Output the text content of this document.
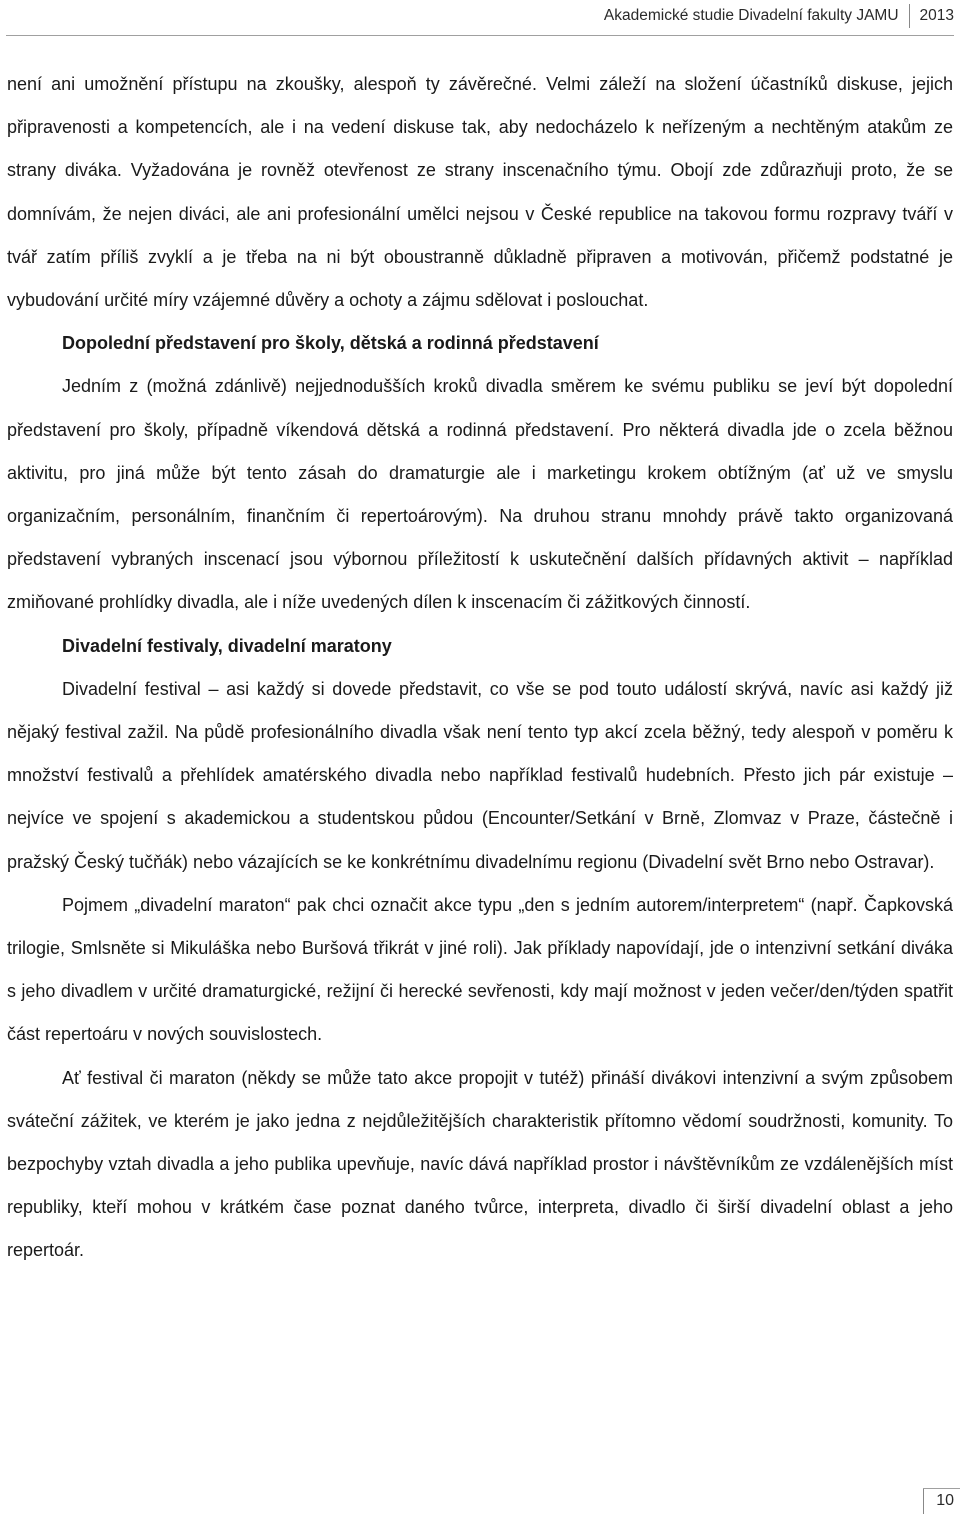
Akademické studie Divadelní fakulty JAMU 2013

není ani umožnění přístupu na zkoušky, alespoň ty závěrečné. Velmi záleží na složení účastníků diskuse, jejich připravenosti a kompetencích, ale i na vedení diskuse tak, aby nedocházelo k neřízeným a nechtěným atakům ze strany diváka. Vyžadována je rovněž otevřenost ze strany inscenačního týmu. Obojí zde zdůrazňuji proto, že se domnívám, že nejen diváci, ale ani profesionální umělci nejsou v České republice na takovou formu rozpravy tváří v tvář zatím příliš zvyklí a je třeba na ni být oboustranně důkladně připraven a motivován, přičemž podstatné je vybudování určité míry vzájemné důvěry a ochoty a zájmu sdělovat i poslouchat.

Dopolední představení pro školy, dětská a rodinná představení

Jedním z (možná zdánlivě) nejjednodušších kroků divadla směrem ke svému publiku se jeví být dopolední představení pro školy, případně víkendová dětská a rodinná představení. Pro některá divadla jde o zcela běžnou aktivitu, pro jiná může být tento zásah do dramaturgie ale i marketingu krokem obtížným (ať už ve smyslu organizačním, personálním, finančním či repertoárovým). Na druhou stranu mnohdy právě takto organizovaná představení vybraných inscenací jsou výbornou příležitostí k uskutečnění dalších přídavných aktivit – například zmiňované prohlídky divadla, ale i níže uvedených dílen k inscenacím či zážitkových činností.

Divadelní festivaly, divadelní maratony

Divadelní festival – asi každý si dovede představit, co vše se pod touto událostí skrývá, navíc asi každý již nějaký festival zažil. Na půdě profesionálního divadla však není tento typ akcí zcela běžný, tedy alespoň v poměru k množství festivalů a přehlídek amatérského divadla nebo například festivalů hudebních. Přesto jich pár existuje – nejvíce ve spojení s akademickou a studentskou půdou (Encounter/Setkání v Brně, Zlomvaz v Praze, částečně i pražský Český tučňák) nebo vázajících se ke konkrétnímu divadelnímu regionu (Divadelní svět Brno nebo Ostravar).

Pojmem „divadelní maraton“ pak chci označit akce typu „den s jedním autorem/interpretem“ (např. Čapkovská trilogie, Smlsněte si Mikuláška nebo Buršová třikrát v jiné roli). Jak příklady napovídají, jde o intenzivní setkání diváka s jeho divadlem v určité dramaturgické, režijní či herecké sevřenosti, kdy mají možnost v jeden večer/den/týden spatřit část repertoáru v nových souvislostech.

Ať festival či maraton (někdy se může tato akce propojit v tutéž) přináší divákovi intenzivní a svým způsobem sváteční zážitek, ve kterém je jako jedna z nejdůležitějších charakteristik přítomno vědomí soudržnosti, komunity. To bezpochyby vztah divadla a jeho publika upevňuje, navíc dává například prostor i návštěvníkům ze vzdálenějších míst republiky, kteří mohou v krátkém čase poznat daného tvůrce, interpreta, divadlo či širší divadelní oblast a jeho repertoár.

10
